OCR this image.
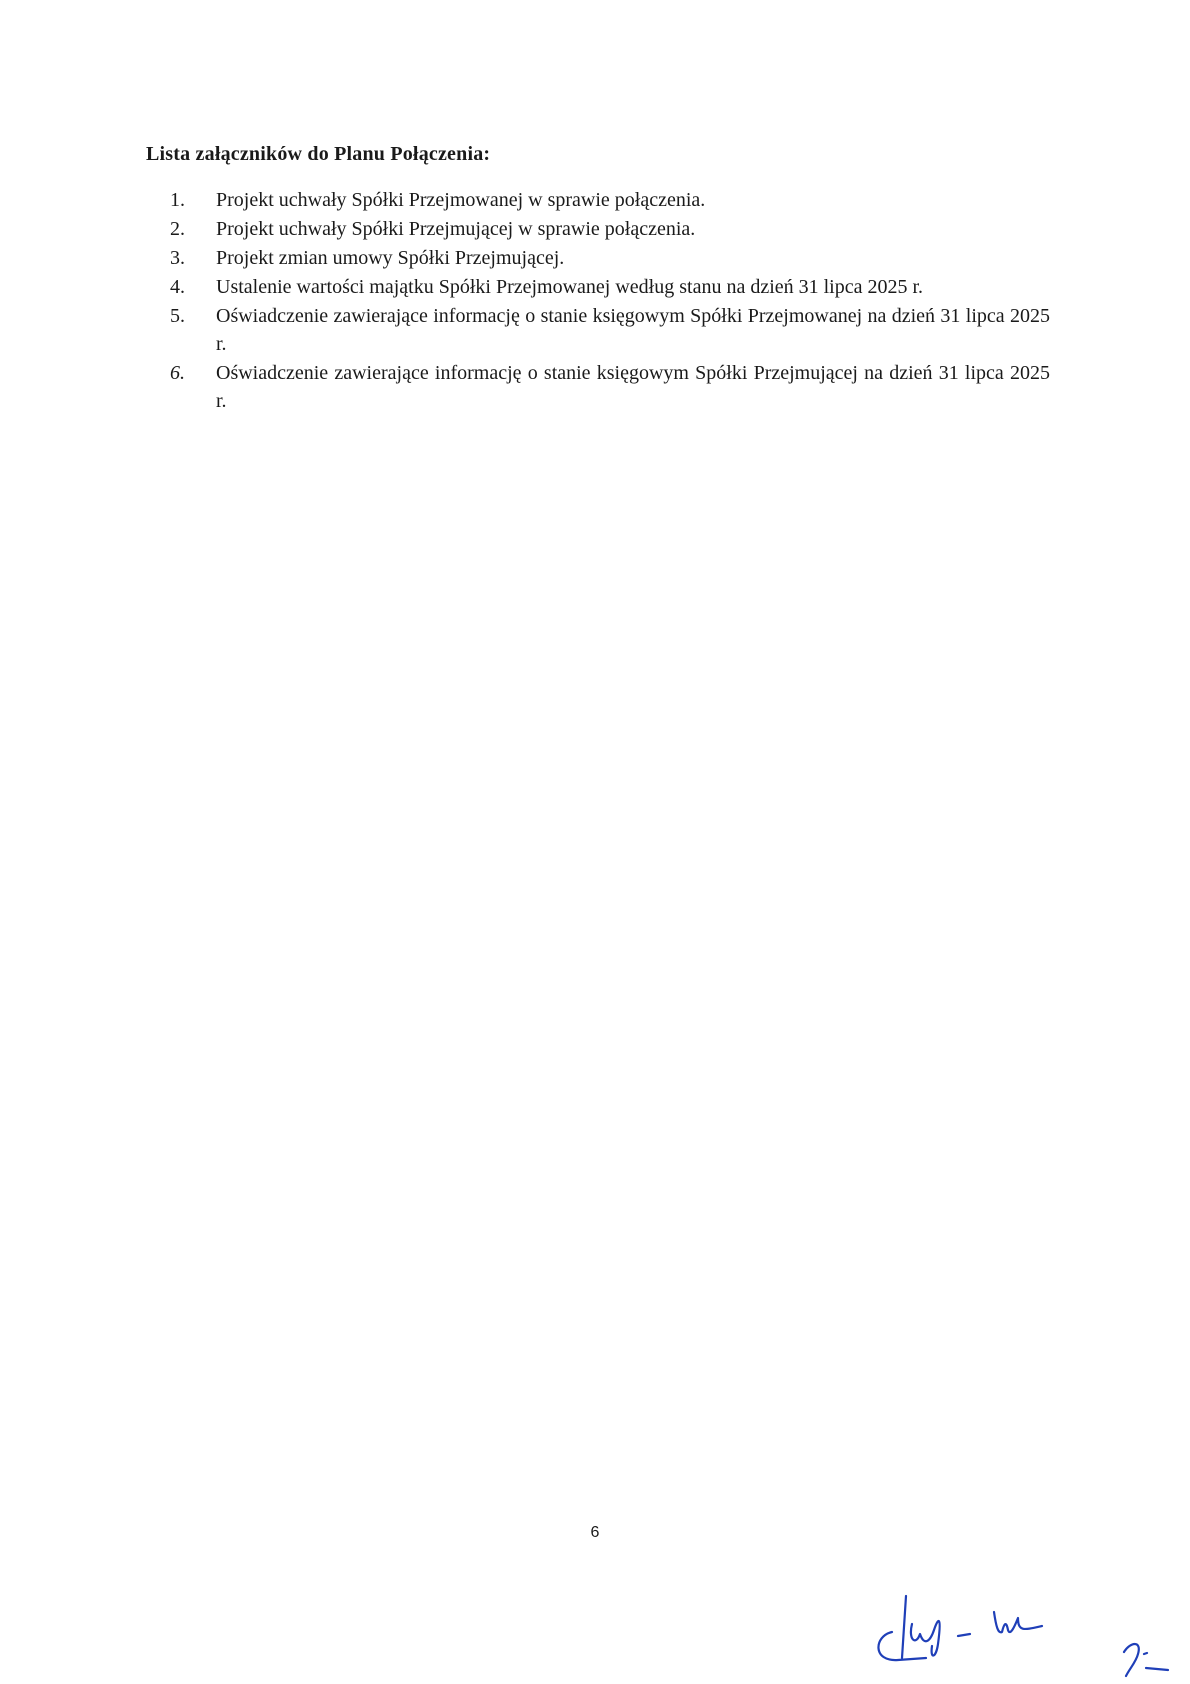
Lista załączników do Planu Połączenia:
1.	Projekt uchwały Spółki Przejmowanej w sprawie połączenia.
2.	Projekt uchwały Spółki Przejmującej w sprawie połączenia.
3.	Projekt zmian umowy Spółki Przejmującej.
4.	Ustalenie wartości majątku Spółki Przejmowanej według stanu na dzień 31 lipca 2025 r.
5.	Oświadczenie zawierające informację o stanie księgowym Spółki Przejmowanej na dzień 31 lipca 2025 r.
6.	Oświadczenie zawierające informację o stanie księgowym Spółki Przejmującej na dzień 31 lipca 2025 r.
6
